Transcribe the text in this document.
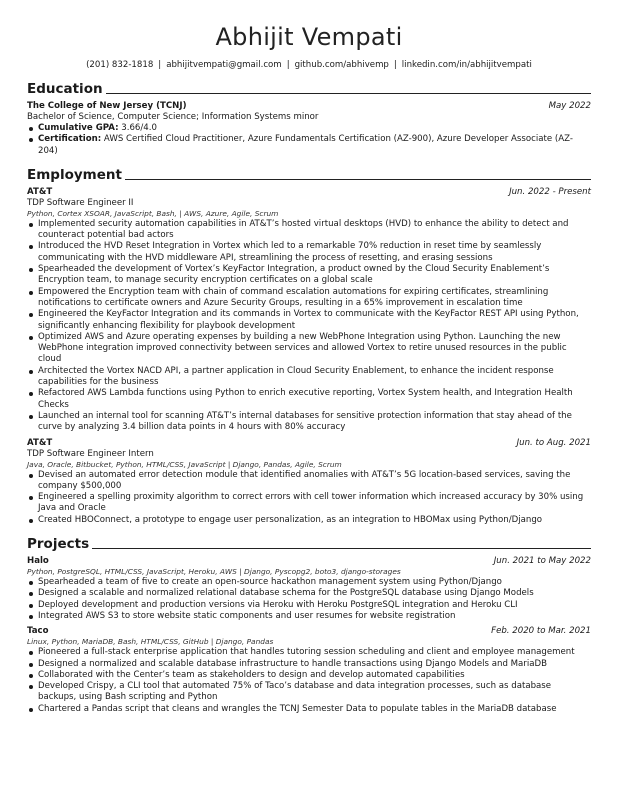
Abhijit Vempati
(201) 832-1818 | abhijitvempati@gmail.com | github.com/abhivemp | linkedin.com/in/abhijitvempati
Education
The College of New Jersey (TCNJ)	May 2022
Bachelor of Science, Computer Science; Information Systems minor
Cumulative GPA: 3.66/4.0
Certification: AWS Certified Cloud Practitioner, Azure Fundamentals Certification (AZ-900), Azure Developer Associate (AZ-204)
Employment
AT&T	Jun. 2022 - Present
TDP Software Engineer II
Python, Cortex XSOAR, JavaScript, Bash, | AWS, Azure, Agile, Scrum
Implemented security automation capabilities in AT&T’s hosted virtual desktops (HVD) to enhance the ability to detect and counteract potential bad actors
Introduced the HVD Reset Integration in Vortex which led to a remarkable 70% reduction in reset time by seamlessly communicating with the HVD middleware API, streamlining the process of resetting, and erasing sessions
Spearheaded the development of Vortex’s KeyFactor Integration, a product owned by the Cloud Security Enablement’s Encryption team, to manage security encryption certificates on a global scale
Empowered the Encryption team with chain of command escalation automations for expiring certificates, streamlining notifications to certificate owners and Azure Security Groups, resulting in a 65% improvement in escalation time
Engineered the KeyFactor Integration and its commands in Vortex to communicate with the KeyFactor REST API using Python, significantly enhancing flexibility for playbook development
Optimized AWS and Azure operating expenses by building a new WebPhone Integration using Python. Launching the new WebPhone integration improved connectivity between services and allowed Vortex to retire unused resources in the public cloud
Architected the Vortex NACD API, a partner application in Cloud Security Enablement, to enhance the incident response capabilities for the business
Refactored AWS Lambda functions using Python to enrich executive reporting, Vortex System health, and Integration Health Checks
Launched an internal tool for scanning AT&T’s internal databases for sensitive protection information that stay ahead of the curve by analyzing 3.4 billion data points in 4 hours with 80% accuracy
AT&T	Jun. to Aug. 2021
TDP Software Engineer Intern
Java, Oracle, Bitbucket, Python, HTML/CSS, JavaScript | Django, Pandas, Agile, Scrum
Devised an automated error detection module that identified anomalies with AT&T’s 5G location-based services, saving the company $500,000
Engineered a spelling proximity algorithm to correct errors with cell tower information which increased accuracy by 30% using Java and Oracle
Created HBOConnect, a prototype to engage user personalization, as an integration to HBOMax using Python/Django
Projects
Halo	Jun. 2021 to May 2022
Python, PostgreSQL, HTML/CSS, JavaScript, Heroku, AWS | Django, Pyscopg2, boto3, django-storages
Spearheaded a team of five to create an open-source hackathon management system using Python/Django
Designed a scalable and normalized relational database schema for the PostgreSQL database using Django Models
Deployed development and production versions via Heroku with Heroku PostgreSQL integration and Heroku CLI
Integrated AWS S3 to store website static components and user resumes for website registration
Taco	Feb. 2020 to Mar. 2021
Linux, Python, MariaDB, Bash, HTML/CSS, GitHub | Django, Pandas
Pioneered a full-stack enterprise application that handles tutoring session scheduling and client and employee management
Designed a normalized and scalable database infrastructure to handle transactions using Django Models and MariaDB
Collaborated with the Center’s team as stakeholders to design and develop automated capabilities
Developed Crispy, a CLI tool that automated 75% of Taco’s database and data integration processes, such as database backups, using Bash scripting and Python
Chartered a Pandas script that cleans and wrangles the TCNJ Semester Data to populate tables in the MariaDB database
